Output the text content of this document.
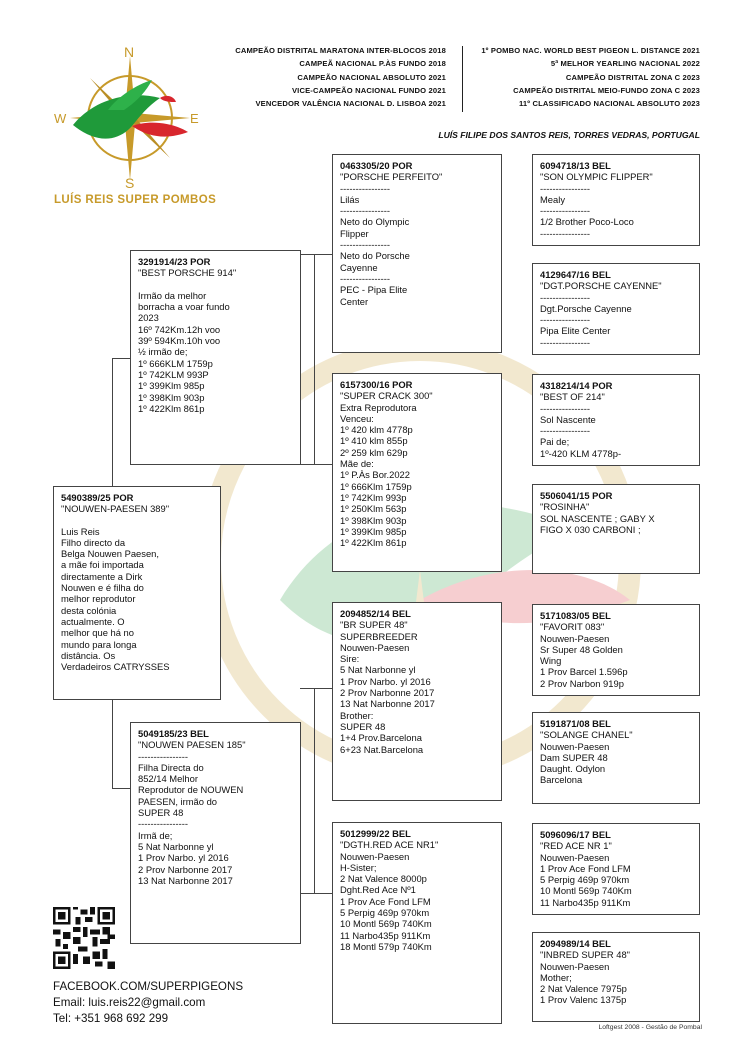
N
W	E
S
LUÍS REIS SUPER POMBOS
CAMPEÃO DISTRITAL MARATONA INTER-BLOCOS 2018
CAMPEÃ NACIONAL P.ÀS FUNDO 2018
CAMPEÃO NACIONAL ABSOLUTO 2021
VICE-CAMPEÃO NACIONAL FUNDO 2021
VENCEDOR VALÊNCIA NACIONAL D. LISBOA 2021
1º POMBO NAC. WORLD BEST PIGEON L. DISTANCE 2021
5ª MELHOR YEARLING NACIONAL 2022
CAMPEÃO DISTRITAL ZONA C 2023
CAMPEÃO DISTRITAL MEIO-FUNDO ZONA C 2023
11º CLASSIFICADO NACIONAL ABSOLUTO 2023
LUÍS FILIPE DOS SANTOS REIS, TORRES VEDRAS, PORTUGAL
5490389/25 POR
"NOUWEN-PAESEN 389"
Luis Reis
Filho directo da
Belga Nouwen Paesen,
a mãe foi importada
directamente a Dirk
Nouwen e é filha do
melhor reprodutor
desta colónia
actualmente. O
melhor que há no
mundo para longa
distância. Os
Verdadeiros CATRYSSES
3291914/23 POR
"BEST PORSCHE 914"

Irmão da melhor
borracha a voar fundo
2023
16º 742Km.12h voo
39º 594Km.10h voo
½ irmão de;
1º 666KLM 1759p
1º 742KLM 993P
1º 399Klm 985p
1º 398Klm 903p
1º 422Klm 861p
5049185/23 BEL
"NOUWEN PAESEN 185"
----------------
Filha Directa do
852/14 Melhor
Reprodutor de NOUWEN
PAESEN, irmão do
SUPER 48
----------------
Irmã de;
5 Nat Narbonne yl
1 Prov Narbo. yl 2016
2 Prov Narbonne 2017
13 Nat Narbonne 2017
0463305/20 POR
"PORSCHE PERFEITO"
----------------
Lilás
----------------
Neto do Olympic
Flipper
----------------
Neto do Porsche
Cayenne
----------------
PEC - Pipa Elite
Center
6157300/16 POR
"SUPER CRACK 300"
Extra Reprodutora
Venceu:
1º 420 klm 4778p
1º 410 klm 855p
2º 259 klm 629p
Mãe de:
1º P.Às Bor.2022
1º 666Klm 1759p
1º 742Klm 993p
1º 250Klm 563p
1º 398Klm 903p
1º 399Klm 985p
1º 422Klm 861p
2094852/14 BEL
"BR SUPER 48"
SUPERBREEDER
Nouwen-Paesen
Sire:
5 Nat Narbonne yl
1 Prov Narbo. yl 2016
2 Prov Narbonne 2017
13 Nat Narbonne 2017
Brother:
SUPER 48
1+4 Prov.Barcelona
6+23 Nat.Barcelona
5012999/22 BEL
"DGTH.RED ACE NR1"
Nouwen-Paesen
H-Sister;
2 Nat Valence 8000p
Dght.Red Ace Nº1
1 Prov Ace Fond LFM
5 Perpig 469p 970km
10 Montl 569p 740Km
11 Narbo435p 911Km
18 Montl 579p 740Km
6094718/13 BEL
"SON OLYMPIC FLIPPER"
----------------
Mealy
----------------
1/2 Brother Poco-Loco
----------------
4129647/16 BEL
"DGT.PORSCHE CAYENNE"
----------------
Dgt.Porsche Cayenne
----------------
Pipa Elite Center
----------------
4318214/14 POR
"BEST OF 214"
----------------
Sol Nascente
----------------
Pai de;
1º-420 KLM 4778p-
5506041/15 POR
"ROSINHA"
SOL NASCENTE ; GABY X
FIGO X 030 CARBONI ;
5171083/05 BEL
"FAVORIT 083"
Nouwen-Paesen
Sr Super 48 Golden
Wing
1 Prov Barcel 1.596p
2 Prov Narbon 919p
5191871/08 BEL
"SOLANGE CHANEL"
Nouwen-Paesen
Dam SUPER 48
Daught. Odylon
Barcelona
5096096/17 BEL
"RED ACE NR 1"
Nouwen-Paesen
1 Prov Ace Fond LFM
5 Perpig 469p 970km
10 Montl 569p 740Km
11 Narbo435p 911Km
2094989/14 BEL
"INBRED SUPER 48"
Nouwen-Paesen
Mother;
2 Nat Valence 7975p
1 Prov Valenc 1375p
FACEBOOK.COM/SUPERPIGEONS
Email: luis.reis22@gmail.com
Tel: +351 968 692 299
Loftgest 2008 - Gestão de Pombal
